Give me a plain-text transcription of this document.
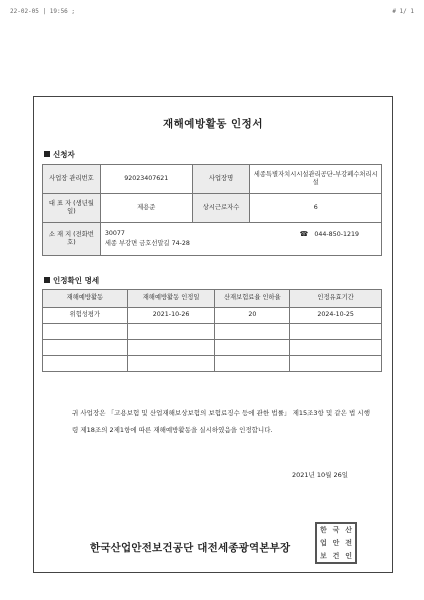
22-02-05 | 19:56 ;	# 1/ 1
재해예방활동 인정서
신청자
사업장 관리번호	92023407621	사업장명	세종특별자치시시설관리공단-부강폐수처리시설
대 표 자 (생년월일)	제용준	상시근로자수	6
소 재 지 (전화번호)	30077 ☎ 044-850-1219
세종 부강면 금호선말길 74-28		
인정확인 명세
재해예방활동	재해예방활동 인정일	산재보험료율 인하율	인정유효기간
위험성평가	2021-10-26	20	2024-10-25

귀 사업장은 「고용보험 및 산업재해보상보험의 보험료징수 등에 관한 법률」 제15조3항 및 같은 법 시행령 제18조의 2제1항에 따른 재해예방활동을 실시하였음을 인정합니다.
2021년 10월 26일
한국산업안전보건공단 대전세종광역본부장
한 국 산
업 안 전
보 건 인
